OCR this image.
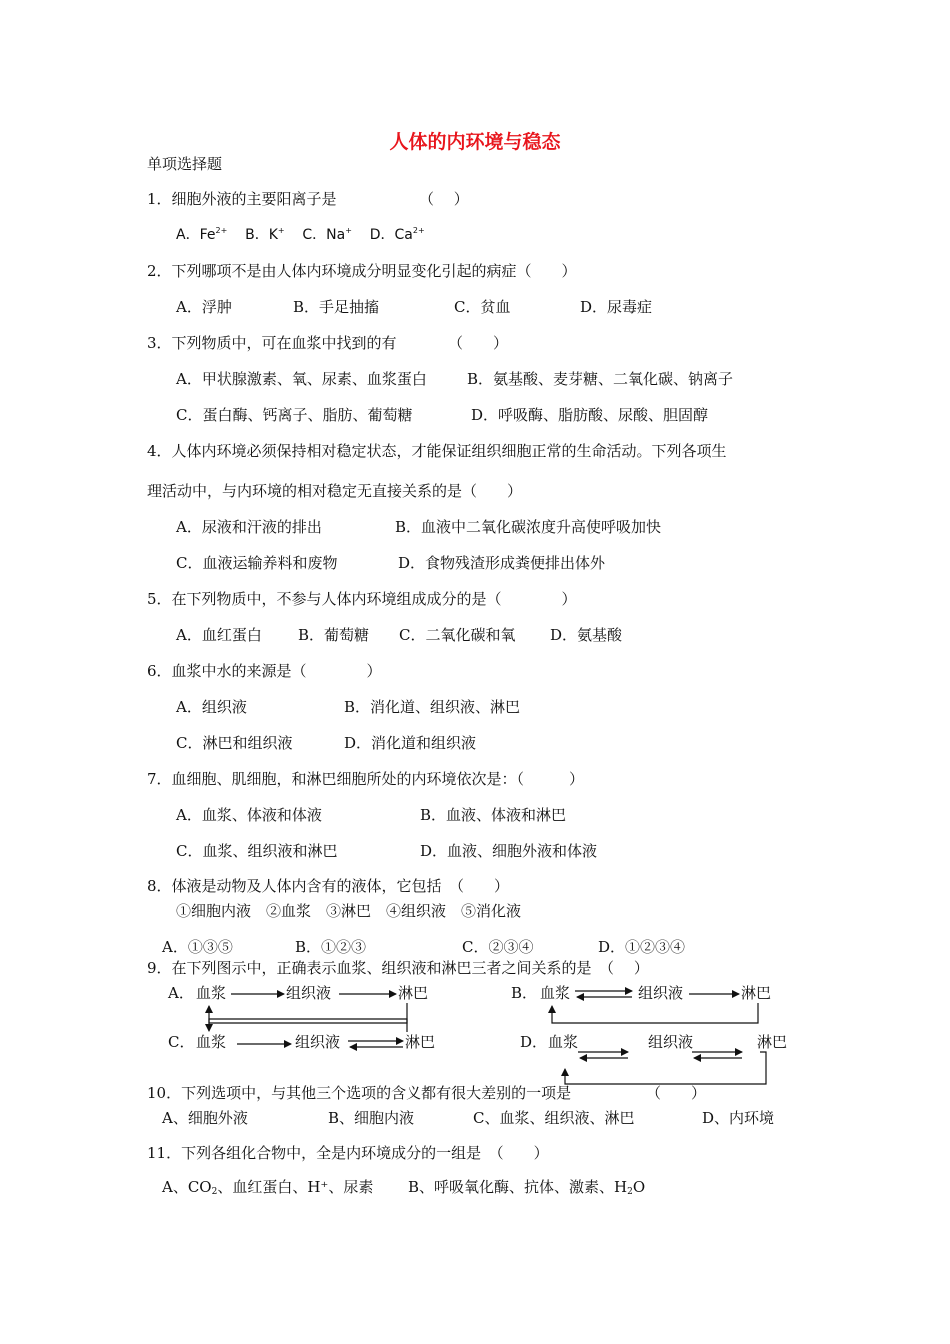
人体的内环境与稳态
单项选择题
1．细胞外液的主要阳离子是	（　 ）
A．$Fe^{2+}$ B．K+ C．Na+ D．$Ca^{2+}$
2．下列哪项不是由人体内环境成分明显变化引起的病症（　　）
A．浮肿	B．手足抽搐	C．贫血	D．尿毒症
3．下列物质中，可在血浆中找到的有	（　　）
A．甲状腺激素、氧、尿素、血浆蛋白	B．氨基酸、麦芽糖、二氧化碳、钠离子
C．蛋白酶、钙离子、脂肪、葡萄糖	D．呼吸酶、脂肪酸、尿酸、胆固醇
4．人体内环境必须保持相对稳定状态，才能保证组织细胞正常的生命活动。下列各项生
理活动中，与内环境的相对稳定无直接关系的是（　　）
A．尿液和汗液的排出	B．血液中二氧化碳浓度升高使呼吸加快
C．血液运输养料和废物	D．食物残渣形成粪便排出体外
5．在下列物质中，不参与人体内环境组成成分的是（　　　　）
A．血红蛋白 B．葡萄糖 C．二氧化碳和氧 D．氨基酸
6．血浆中水的来源是（　　　　）
A．组织液	B．消化道、组织液、淋巴
C．淋巴和组织液	D．消化道和组织液
7．血细胞、肌细胞，和淋巴细胞所处的内环境依次是：（　　　）
A．血浆、体液和体液	B．血液、体液和淋巴
C．血浆、组织液和淋巴	D．血液、细胞外液和体液
8．体液是动物及人体内含有的液体，它包括　（　　）
①细胞内液　②血浆　③淋巴　④组织液　⑤消化液
A．①③⑤	B．①②③	C．②③④	D．①②③④
9．在下列图示中，正确表示血浆、组织液和淋巴三者之间关系的是　（　 ）
A． 血浆	组织液	淋巴	B． 血浆	组织液	淋巴
C． 血浆	组织液	淋巴	D． 血浆	组织液	淋巴
10．下列选项中，与其他三个选项的含义都有很大差别的一项是	（　　）
A、细胞外液	B、细胞内液	C、血浆、组织液、淋巴	D、内环境
11．下列各组化合物中，全是内环境成分的一组是　（　　）
A、$CO_2$、血红蛋白、H⁺、尿素 B、呼吸氧化酶、抗体、激素、$H_2O$
